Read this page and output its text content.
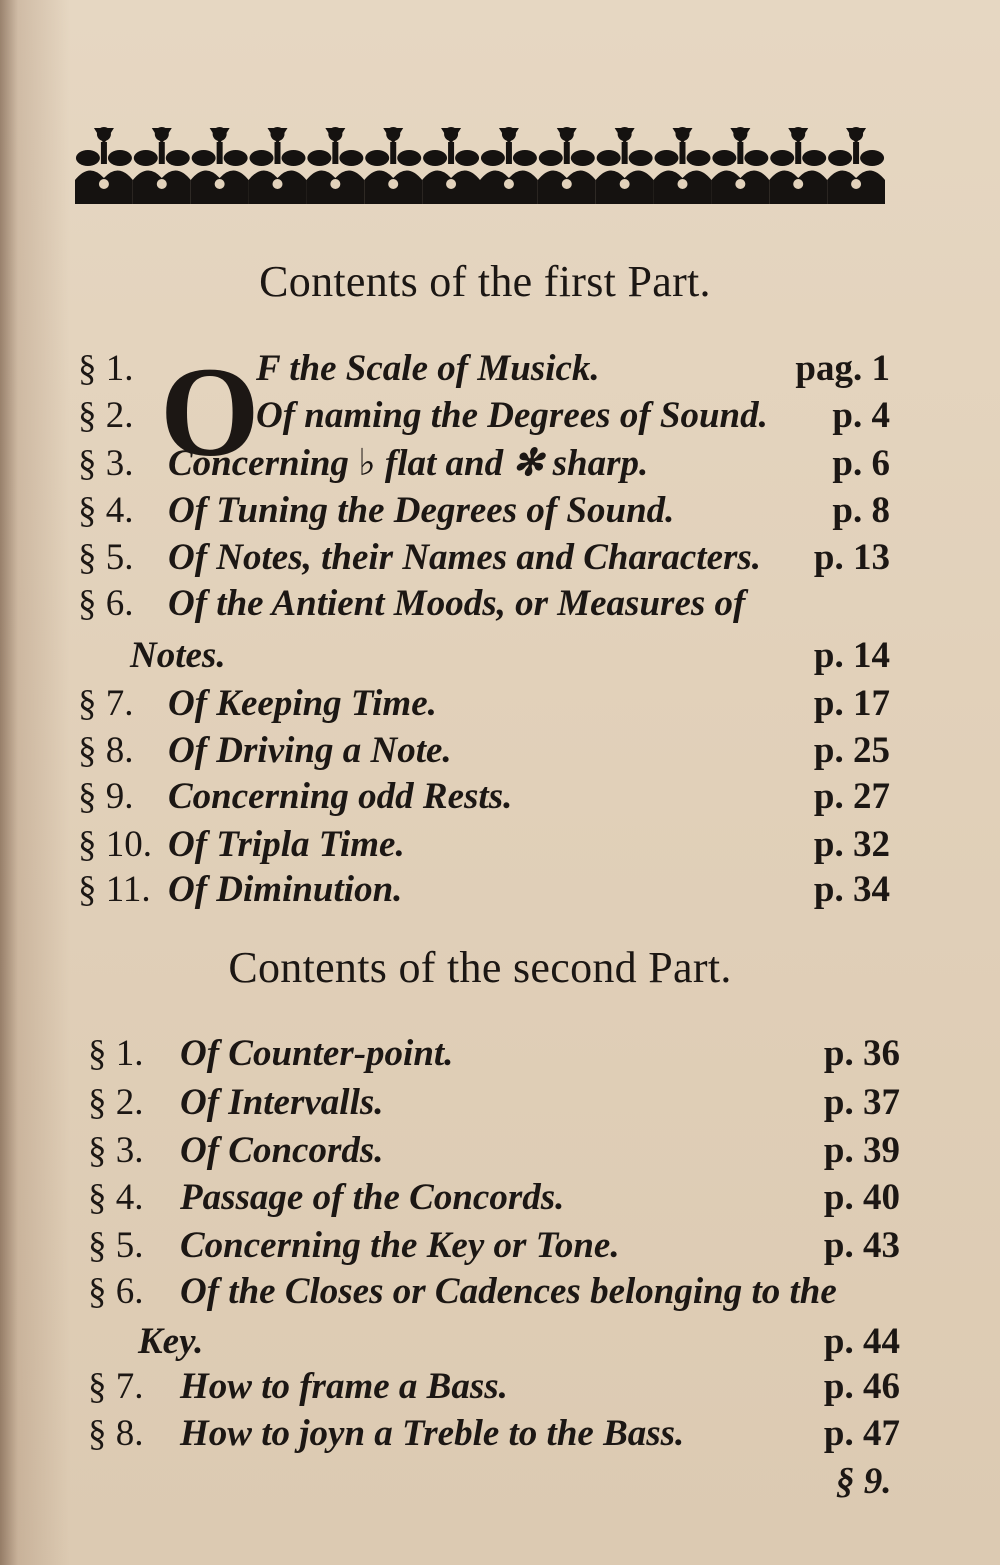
Contents of the first Part.
O
§ 1.	F the Scale of Musick.	pag. 1
§ 2.	Of naming the Degrees of Sound. p. 4
§ 3. Concerning ♭ flat and ✻ sharp.	p. 6
§ 4. Of Tuning the Degrees of Sound.	p. 8
§ 5. Of Notes, their Names and Characters. p. 13
§ 6. Of the Antient Moods, or Measures of
Notes.	p. 14
§ 7. Of Keeping Time.	p. 17
§ 8. Of Driving a Note.	p. 25
§ 9. Concerning odd Rests.	p. 27
§ 10. Of Tripla Time.	p. 32
§ 11. Of Diminution.	p. 34
Contents of the second Part.
§ 1. Of Counter-point.	p. 36
§ 2. Of Intervalls.	p. 37
§ 3. Of Concords.	p. 39
§ 4. Passage of the Concords.	p. 40
§ 5. Concerning the Key or Tone.	p. 43
§ 6. Of the Closes or Cadences belonging to the
Key.	p. 44
§ 7. How to frame a Bass.	p. 46
§ 8. How to joyn a Treble to the Bass.	p. 47
§ 9.
